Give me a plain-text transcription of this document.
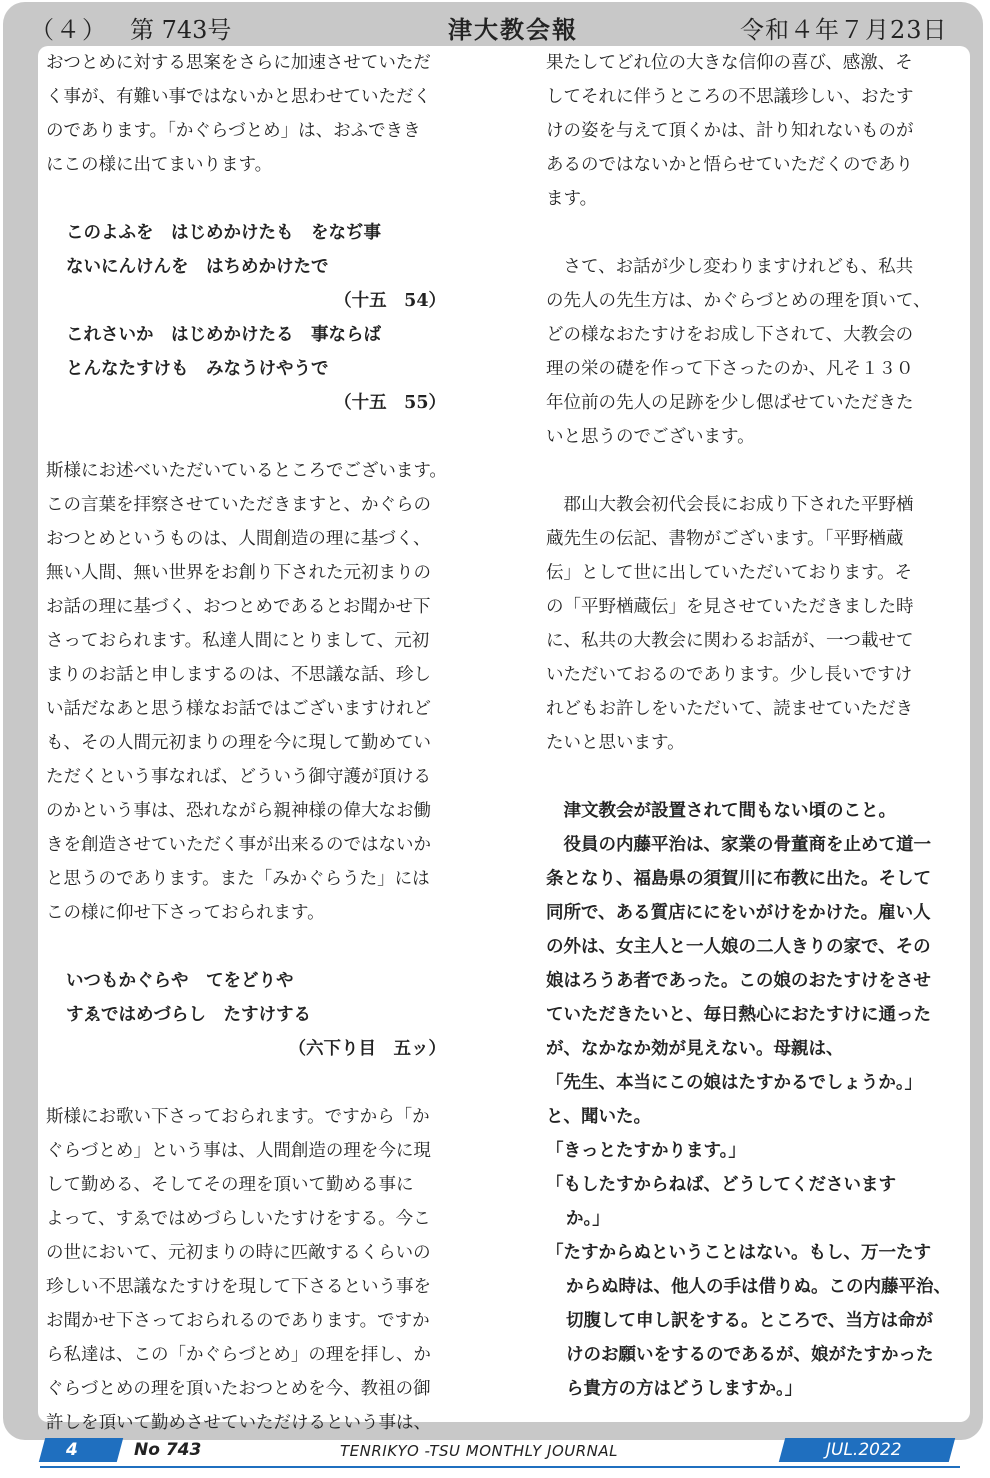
（４） 第 743号	津大教会報	令和４年７月23日
おつとめに対する思案をさらに加速させていただ
く事が、有難い事ではないかと思わせていただく
のであります。「かぐらづとめ」は、おふできき
にこの様に出てまいります。
このよふを　はじめかけたも　をなぢ事
ないにんけんを　はちめかけたで
（十五　54）
これさいか　はじめかけたる　事ならば
とんなたすけも　みなうけやうで
（十五　55）
斯様にお述べいただいているところでございます。
この言葉を拝察させていただきますと、かぐらの
おつとめというものは、人間創造の理に基づく、
無い人間、無い世界をお創り下された元初まりの
お話の理に基づく、おつとめであるとお聞かせ下
さっておられます。私達人間にとりまして、元初
まりのお話と申しまするのは、不思議な話、珍し
い話だなあと思う様なお話ではございますけれど
も、その人間元初まりの理を今に現して勤めてい
ただくという事なれば、どういう御守護が頂ける
のかという事は、恐れながら親神様の偉大なお働
きを創造させていただく事が出来るのではないか
と思うのであります。また「みかぐらうた」には
この様に仰せ下さっておられます。
いつもかぐらや　てをどりや
すゑではめづらし　たすけする
（六下り目　五ッ）
斯様にお歌い下さっておられます。ですから「か
ぐらづとめ」という事は、人間創造の理を今に現
して勤める、そしてその理を頂いて勤める事に
よって、すゑではめづらしいたすけをする。今こ
の世において、元初まりの時に匹敵するくらいの
珍しい不思議なたすけを現して下さるという事を
お聞かせ下さっておられるのであります。ですか
ら私達は、この「かぐらづとめ」の理を拝し、か
ぐらづとめの理を頂いたおつとめを今、教祖の御
許しを頂いて勤めさせていただけるという事は、
果たしてどれ位の大きな信仰の喜び、感激、そ
してそれに伴うところの不思議珍しい、おたす
けの姿を与えて頂くかは、計り知れないものが
あるのではないかと悟らせていただくのであり
ます。
　さて、お話が少し変わりますけれども、私共
の先人の先生方は、かぐらづとめの理を頂いて、
どの様なおたすけをお成し下されて、大教会の
理の栄の礎を作って下さったのか、凡そ１３０
年位前の先人の足跡を少し偲ばせていただきた
いと思うのでございます。
　郡山大教会初代会長にお成り下された平野楢
蔵先生の伝記、書物がございます。「平野楢蔵
伝」として世に出していただいております。そ
の「平野楢蔵伝」を見させていただきました時
に、私共の大教会に関わるお話が、一つ載せて
いただいておるのであります。少し長いですけ
れどもお許しをいただいて、読ませていただき
たいと思います。
　津文教会が設置されて間もない頃のこと。
　役員の内藤平治は、家業の骨董商を止めて道一
条となり、福島県の須賀川に布教に出た。そして
同所で、ある質店ににをいがけをかけた。雇い人
の外は、女主人と一人娘の二人きりの家で、その
娘はろうあ者であった。この娘のおたすけをさせ
ていただきたいと、毎日熱心におたすけに通った
が、なかなか効が見えない。母親は、
「先生、本当にこの娘はたすかるでしょうか。」
と、聞いた。
「きっとたすかります。」
「もしたすからねば、どうしてくださいます
か。」
「たすからぬということはない。もし、万一たす
からぬ時は、他人の手は借りぬ。この内藤平治、
切腹して申し訳をする。ところで、当方は命が
けのお願いをするのであるが、娘がたすかった
ら貴方の方はどうしますか。」
4	No 743	TENRIKYO -TSU MONTHLY JOURNAL	JUL.2022
